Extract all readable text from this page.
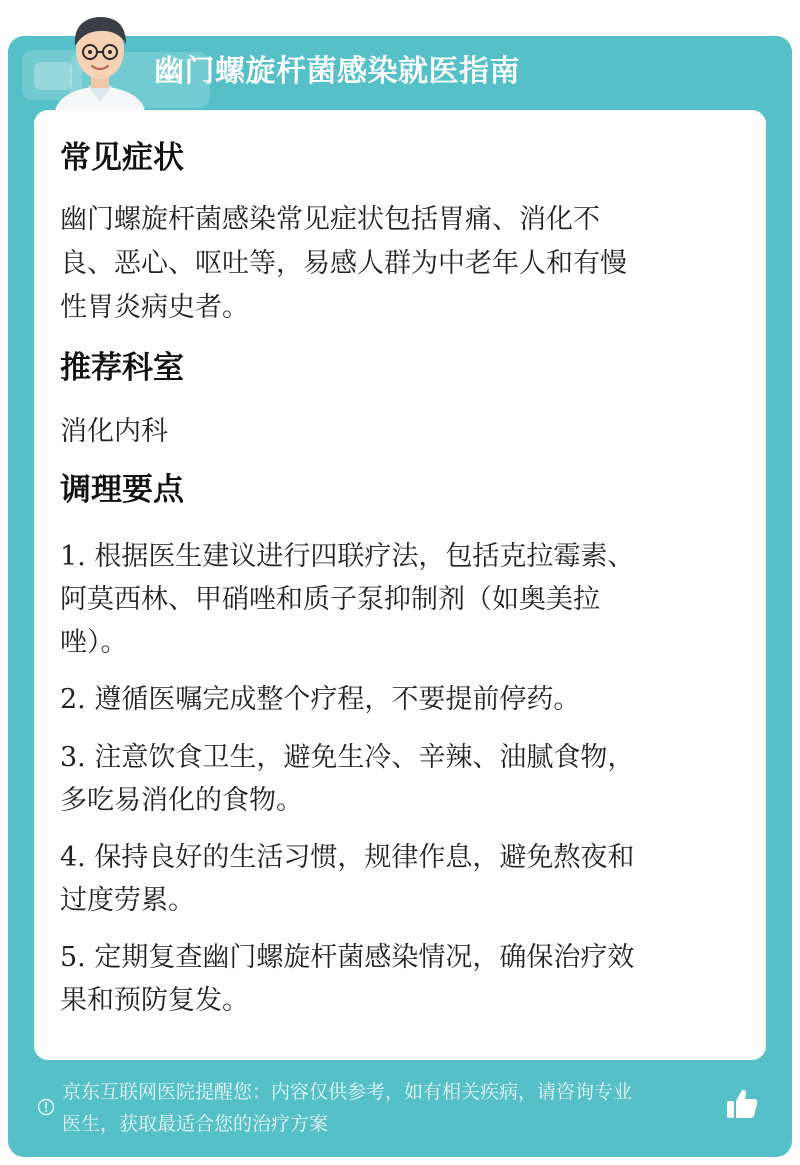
幽门螺旋杆菌感染就医指南
常见症状
幽门螺旋杆菌感染常见症状包括胃痛、消化不
良、恶心、呕吐等，易感人群为中老年人和有慢
性胃炎病史者。
推荐科室
消化内科
调理要点
1. 根据医生建议进行四联疗法，包括克拉霉素、
阿莫西林、甲硝唑和质子泵抑制剂（如奥美拉
唑）。
2. 遵循医嘱完成整个疗程，不要提前停药。
3. 注意饮食卫生，避免生冷、辛辣、油腻食物，
多吃易消化的食物。
4. 保持良好的生活习惯，规律作息，避免熬夜和
过度劳累。
5. 定期复查幽门螺旋杆菌感染情况，确保治疗效
果和预防复发。
京东互联网医院提醒您：内容仅供参考，如有相关疾病，请咨询专业
医生，获取最适合您的治疗方案
